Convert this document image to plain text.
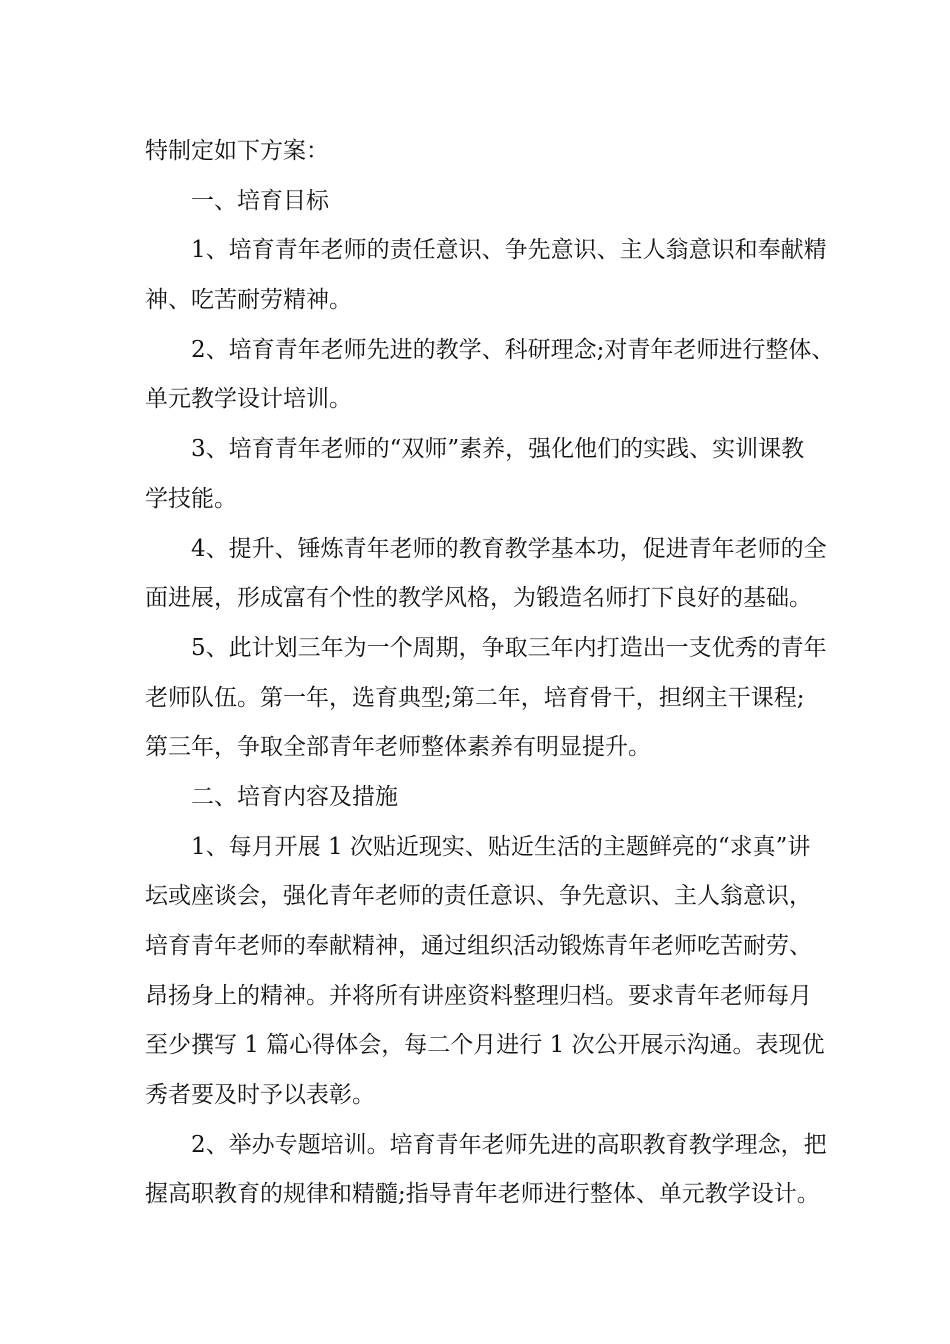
特制定如下方案：
一、培育目标
1、培育青年老师的责任意识、争先意识、主人翁意识和奉献精
神、吃苦耐劳精神。
2、培育青年老师先进的教学、科研理念;对青年老师进行整体、
单元教学设计培训。
3、培育青年老师的“双师”素养，强化他们的实践、实训课教
学技能。
4、提升、锤炼青年老师的教育教学基本功，促进青年老师的全
面进展，形成富有个性的教学风格，为锻造名师打下良好的基础。
5、此计划三年为一个周期，争取三年内打造出一支优秀的青年
老师队伍。第一年，选育典型;第二年，培育骨干，担纲主干课程;
第三年，争取全部青年老师整体素养有明显提升。
二、培育内容及措施
1、每月开展 1 次贴近现实、贴近生活的主题鲜亮的“求真”讲
坛或座谈会，强化青年老师的责任意识、争先意识、主人翁意识，
培育青年老师的奉献精神，通过组织活动锻炼青年老师吃苦耐劳、
昂扬身上的精神。并将所有讲座资料整理归档。要求青年老师每月
至少撰写 1 篇心得体会，每二个月进行 1 次公开展示沟通。表现优
秀者要及时予以表彰。
2、举办专题培训。培育青年老师先进的高职教育教学理念，把
握高职教育的规律和精髓;指导青年老师进行整体、单元教学设计。
